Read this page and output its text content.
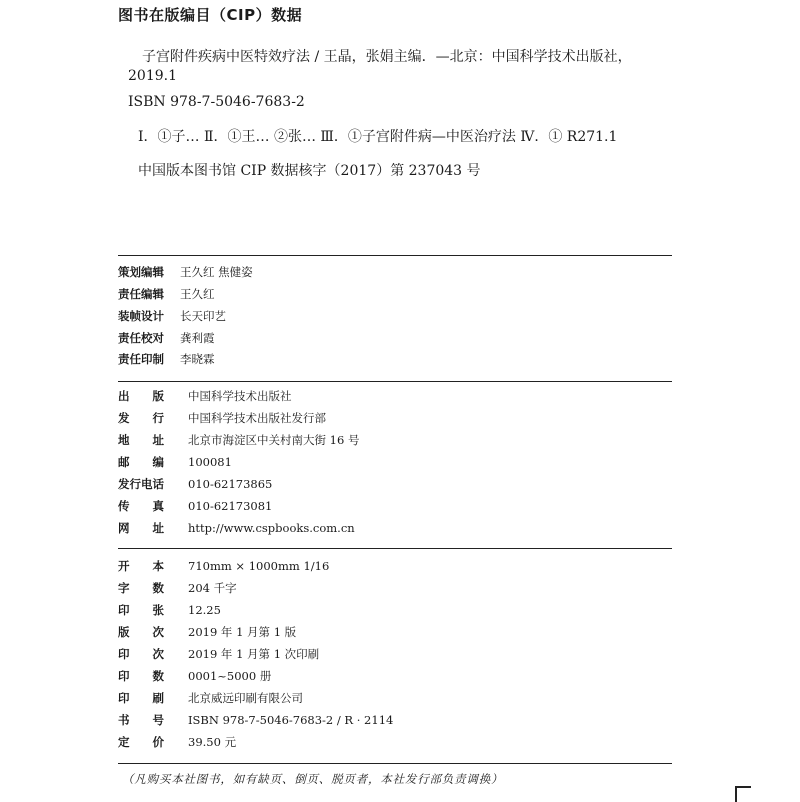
图书在版编目（CIP）数据
子宫附件疾病中医特效疗法 / 王晶，张娟主编．—北京：中国科学技术出版社，
2019.1
ISBN 978-7-5046-7683-2
Ⅰ．①子… Ⅱ．①王… ②张… Ⅲ．①子宫附件病—中医治疗法 Ⅳ．① R271.1
中国版本图书馆 CIP 数据核字（2017）第 237043 号
策划编辑	王久红 焦健姿
责任编辑	王久红
装帧设计	长天印艺
责任校对	龚利霞
责任印制	李晓霖
出　　版	中国科学技术出版社
发　　行	中国科学技术出版社发行部
地　　址	北京市海淀区中关村南大街 16 号
邮　　编	100081
发行电话	010-62173865
传　　真	010-62173081
网　　址	http://www.cspbooks.com.cn
开　　本	710mm × 1000mm 1/16
字　　数	204 千字
印　　张	12.25
版　　次	2019 年 1 月第 1 版
印　　次	2019 年 1 月第 1 次印刷
印　　数	0001~5000 册
印　　刷	北京威远印刷有限公司
书　　号	ISBN 978-7-5046-7683-2 / R · 2114
定　　价	39.50 元
（凡购买本社图书，如有缺页、倒页、脱页者，本社发行部负责调换）
